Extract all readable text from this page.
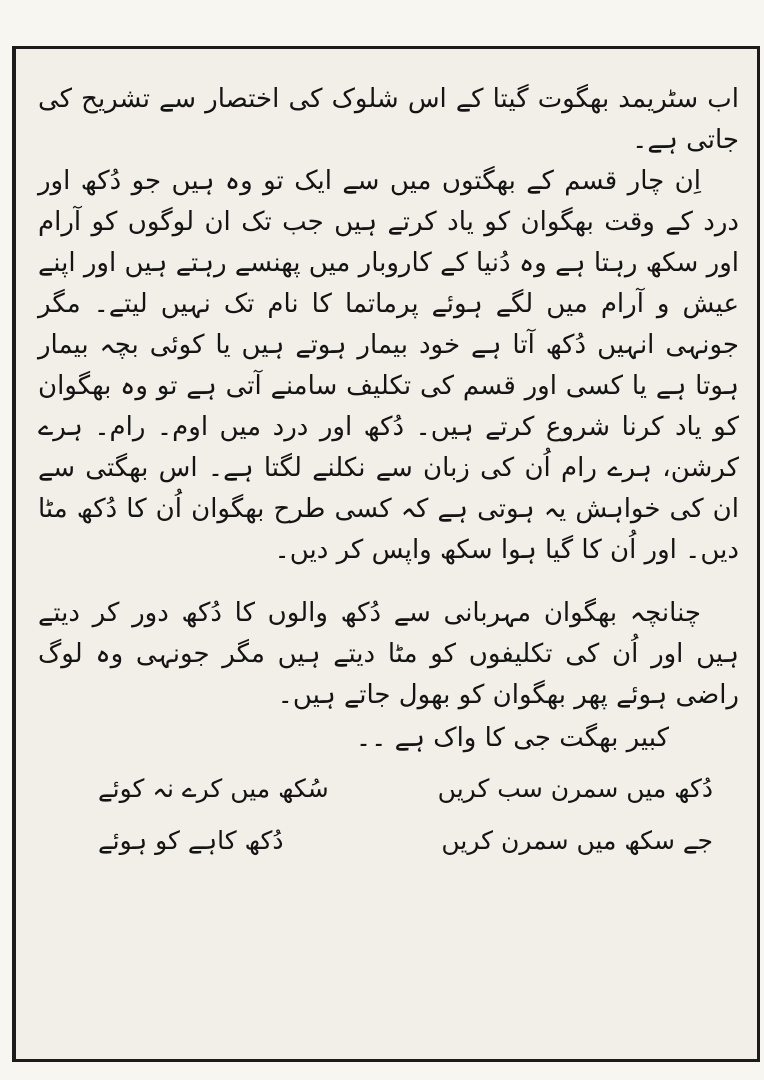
اب سٹریمد بھگوت گیتا کے اس شلوک کی اختصار سے تشریح کی جاتی ہے۔

اِن چار قسم کے بھگتوں میں سے ایک تو وہ ہیں جو دُکھ اور درد کے وقت بھگوان کو یاد کرتے ہیں جب تک ان لوگوں کو آرام اور سکھ رہتا ہے وہ دُنیا کے کاروبار میں پھنسے رہتے ہیں اور اپنے عیش و آرام میں لگے ہوئے پرماتما کا نام تک نہیں لیتے۔ مگر جونہی انہیں دُکھ آتا ہے خود بیمار ہوتے ہیں یا کوئی بچہ بیمار ہوتا ہے یا کسی اور قسم کی تکلیف سامنے آتی ہے تو وہ بھگوان کو یاد کرنا شروع کرتے ہیں۔ دُکھ اور درد میں اوم۔ رام۔ ہرے کرشن، ہرے رام اُن کی زبان سے نکلنے لگتا ہے۔ اس بھگتی سے ان کی خواہش یہ ہوتی ہے کہ کسی طرح بھگوان اُن کا دُکھ مٹا دیں۔ اور اُن کا گیا ہوا سکھ واپس کر دیں۔

چنانچہ بھگوان مہربانی سے دُکھ والوں کا دُکھ دور کر دیتے ہیں اور اُن کی تکلیفوں کو مٹا دیتے ہیں مگر جونہی وہ لوگ راضی ہوئے پھر بھگوان کو بھول جاتے ہیں۔

کبیر بھگت جی کا واک ہے ۔۔

دُکھ میں سمرن سب کریں
سُکھ میں کرے نہ کوئے
جے سکھ میں سمرن کریں
دُکھ کاہے کو ہوئے
